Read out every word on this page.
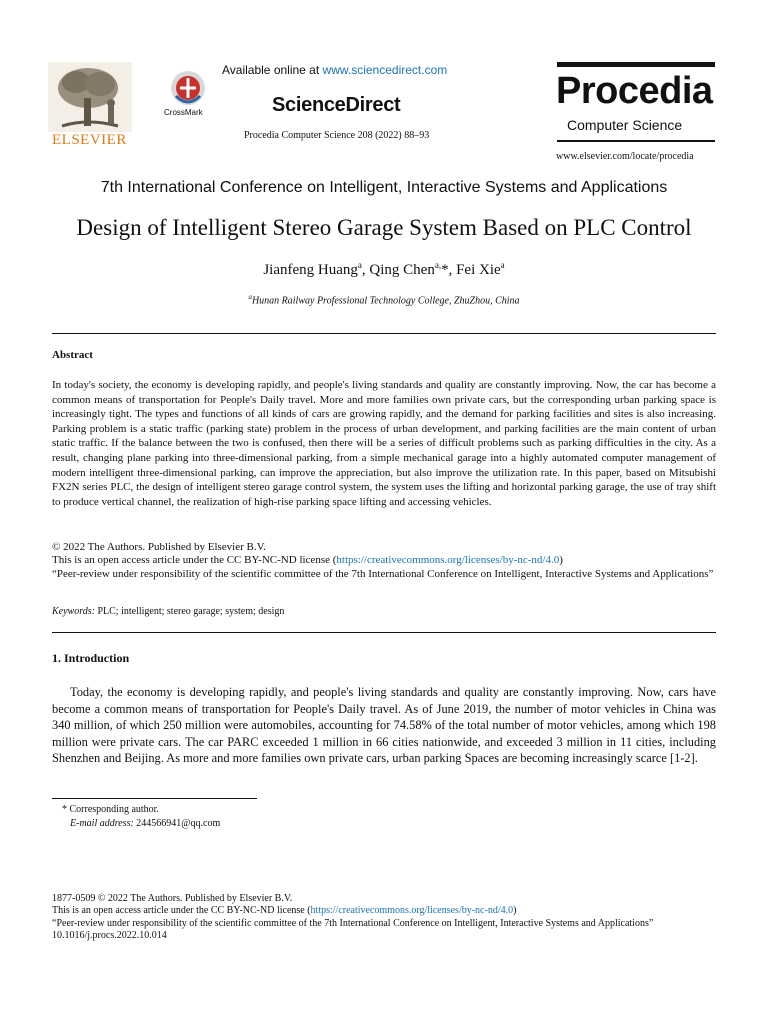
ELSEVIER
CrossMark
Available online at www.sciencedirect.com
ScienceDirect
Procedia Computer Science 208 (2022) 88–93
Procedia
Computer Science
www.elsevier.com/locate/procedia
7th International Conference on Intelligent, Interactive Systems and Applications
Design of Intelligent Stereo Garage System Based on PLC Control
Jianfeng Huang$^a$, Qing Chen$^{a,}$*, Fei Xie$^a$
$^a$Hunan Railway Professional Technology College, ZhuZhou, China
Abstract
In today's society, the economy is developing rapidly, and people's living standards and quality are constantly improving. Now, the car has become a common means of transportation for People's Daily travel. More and more families own private cars, but the corresponding urban parking space is increasingly tight. The types and functions of all kinds of cars are growing rapidly, and the demand for parking facilities and sites is also increasing. Parking problem is a static traffic (parking state) problem in the process of urban development, and parking facilities are the main content of urban static traffic. If the balance between the two is confused, then there will be a series of difficult problems such as parking difficulties in the city. As a result, changing plane parking into three-dimensional parking, from a simple mechanical garage into a highly automated computer management of modern intelligent three-dimensional parking, can improve the appreciation, but also improve the utilization rate. In this paper, based on Mitsubishi FX2N series PLC, the design of intelligent stereo garage control system, the system uses the lifting and horizontal parking garage, the use of tray shift to produce vertical channel, the realization of high-rise parking space lifting and accessing vehicles.
© 2022 The Authors. Published by Elsevier B.V.
This is an open access article under the CC BY-NC-ND license (https://creativecommons.org/licenses/by-nc-nd/4.0)
“Peer-review under responsibility of the scientific committee of the 7th International Conference on Intelligent, Interactive Systems and Applications”
Keywords: PLC; intelligent; stereo garage; system; design
1. Introduction
Today, the economy is developing rapidly, and people's living standards and quality are constantly improving. Now, cars have become a common means of transportation for People's Daily travel. As of June 2019, the number of motor vehicles in China was 340 million, of which 250 million were automobiles, accounting for 74.58% of the total number of motor vehicles, among which 198 million were private cars. The car PARC exceeded 1 million in 66 cities nationwide, and exceeded 3 million in 11 cities, including Shenzhen and Beijing. As more and more families own private cars, urban parking Spaces are becoming increasingly scarce [1-2].
* Corresponding author.
E-mail address: 244566941@qq.com
1877-0509 © 2022 The Authors. Published by Elsevier B.V.
This is an open access article under the CC BY-NC-ND license (https://creativecommons.org/licenses/by-nc-nd/4.0)
“Peer-review under responsibility of the scientific committee of the 7th International Conference on Intelligent, Interactive Systems and Applications”
10.1016/j.procs.2022.10.014
